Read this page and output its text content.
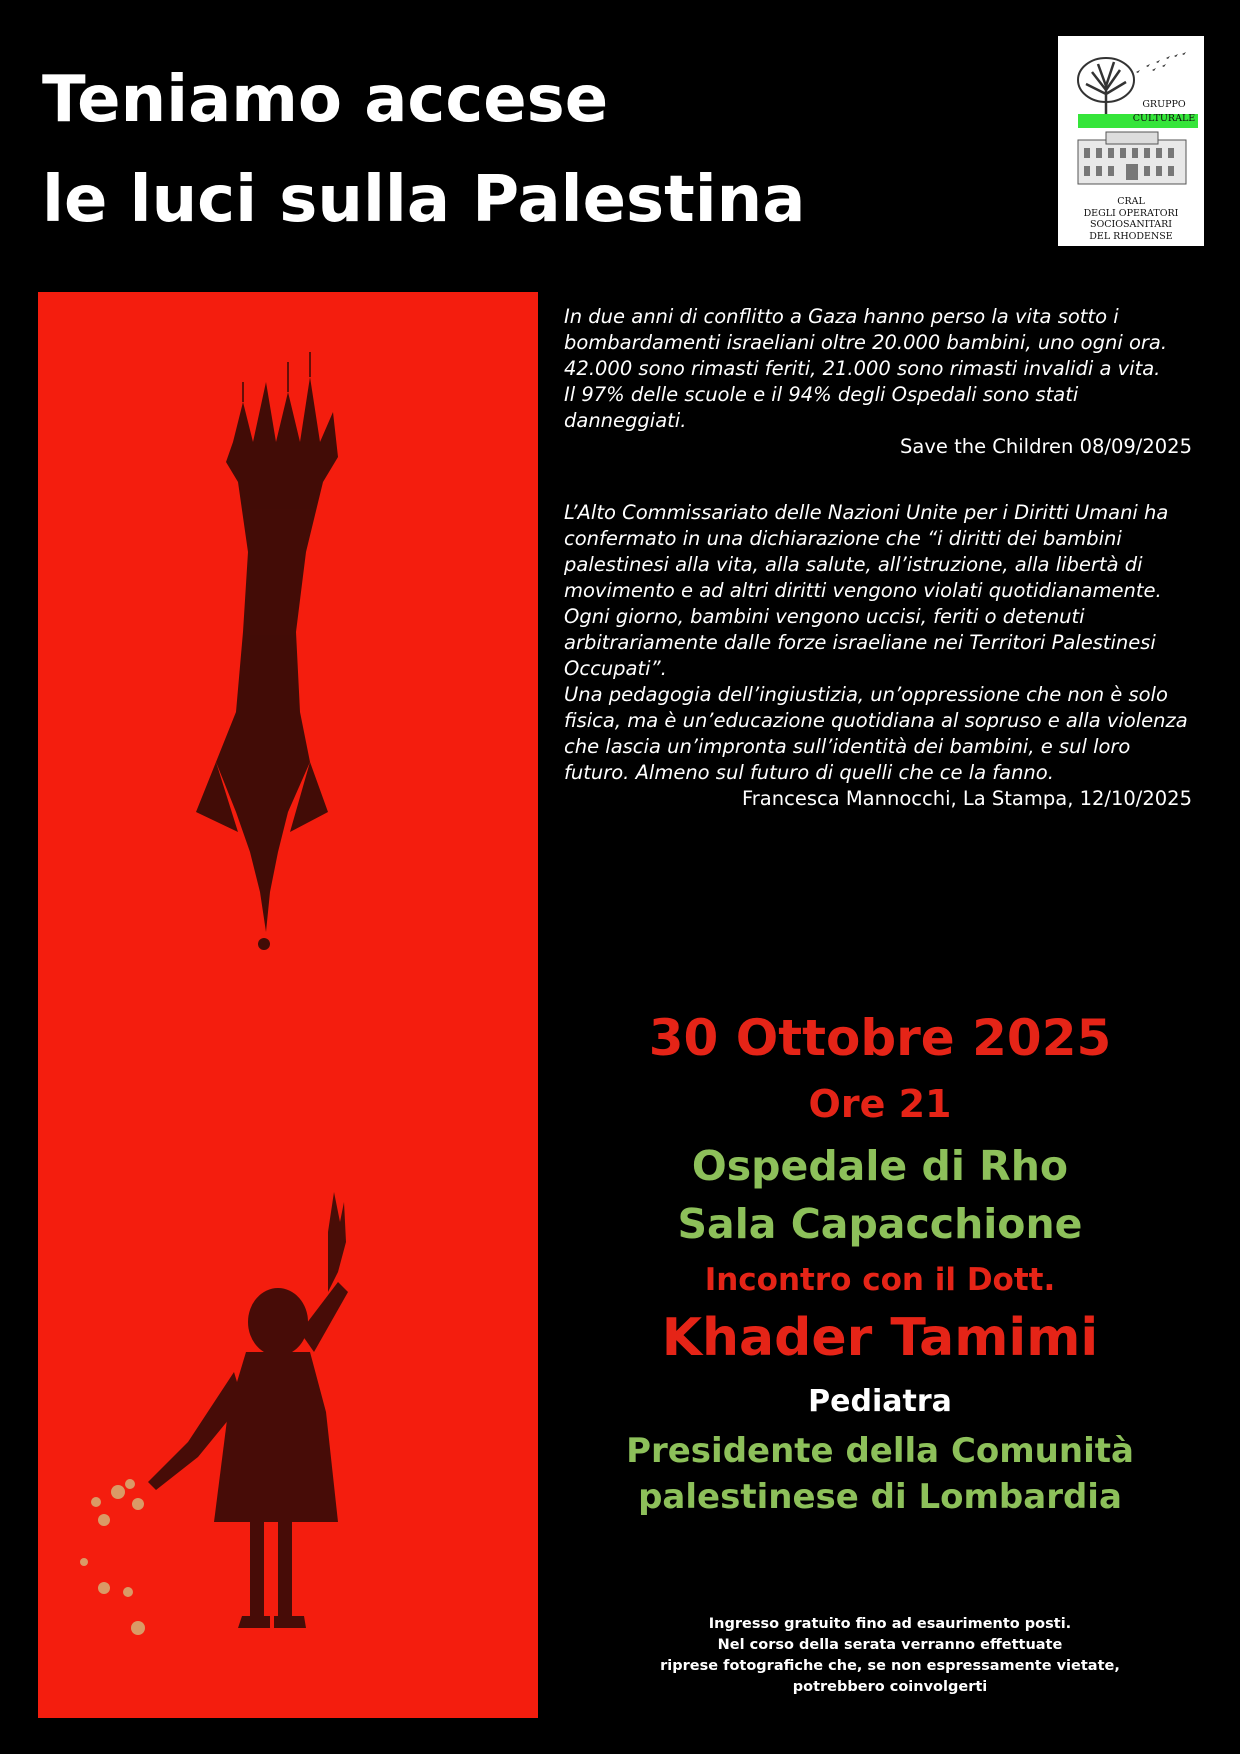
Teniamo accese
le luci sulla Palestina
GRUPPO
CULTURALE
CRAL
DEGLI OPERATORI
SOCIOSANITARI
DEL RHODENSE

In due anni di conflitto a Gaza hanno perso la vita sotto i bombardamenti israeliani oltre 20.000 bambini, uno ogni ora. 42.000 sono rimasti feriti, 21.000 sono rimasti invalidi a vita.

Il 97% delle scuole e il 94% degli Ospedali sono stati danneggiati.

Save the Children 08/09/2025

L’Alto Commissariato delle Nazioni Unite per i Diritti Umani ha confermato in una dichiarazione che “i diritti dei bambini palestinesi alla vita, alla salute, all’istruzione, alla libertà di movimento e ad altri diritti vengono violati quotidianamente. Ogni giorno, bambini vengono uccisi, feriti o detenuti arbitrariamente dalle forze israeliane nei Territori Palestinesi Occupati”.

Una pedagogia dell’ingiustizia, un’oppressione che non è solo fisica, ma è un’educazione quotidiana al sopruso e alla violenza che lascia un’impronta sull’identità dei bambini, e sul loro futuro. Almeno sul futuro di quelli che ce la fanno.

Francesca Mannocchi, La Stampa, 12/10/2025

30 Ottobre 2025
Ore 21
Ospedale di Rho
Sala Capacchione
Incontro con il Dott.
Khader Tamimi
Pediatra
Presidente della Comunità
palestinese di Lombardia
Ingresso gratuito fino ad esaurimento posti.
Nel corso della serata verranno effettuate
riprese fotografiche che, se non espressamente vietate,
potrebbero coinvolgerti
